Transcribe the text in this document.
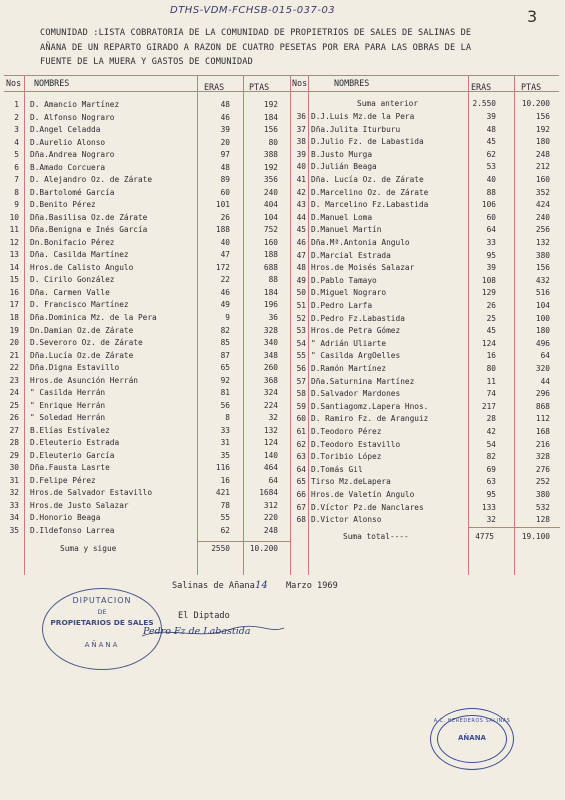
DTHS-VDM-FCHSB-015-037-03	3
COMUNIDAD :LISTA COBRATORIA DE LA COMUNIDAD DE PROPIETRIOS DE SALES DE SALINAS DE
AÑANA DE UN REPARTO GIRADO A RAZON DE CUATRO PESETAS POR ERA PARA LAS OBRAS DE LA
FUENTE DE LA MUERA Y GASTOS DE COMUNIDAD
Nos NOMBRES	ERAS	PTAS	Nos	NOMBRES	ERAS	PTAS
1 D. Amancio Martínez	48	192
2 D. Alfonso Nograro	46	184
3 D.Angel Celadda	39	156
4 D.Aurelio Alonso	20	80
5 Dña.Andrea Nograro	97	388
6 B.Amado Corcuera	48	192
7 D. Alejandro Oz. de Zárate	89	356
8 D.Bartolomé García	60	240
9 D.Benito Pérez	101	404
10 Dña.Basilisa Oz.de Zárate	26	104
11 Dña.Benigna e Inés García	188	752
12 Dn.Bonifacio Pérez	40	160
13 Dña. Casilda Martínez	47	188
14 Hros.de Calisto Angulo	172	688
15 D. Cirilo González	22	88
16 Dña. Carmen Valle	46	184
17 D. Francisco Martínez	49	196
18 Dña.Dominica Mz. de la Pera	9	36
19 Dn.Damian Oz.de Zárate	82	328
20 D.Severoro Oz. de Zárate	85	340
21 Dña.Lucía Oz.de Zárate	87	348
22 Dña.Digna Estavillo	65	260
23 Hros.de Asunción Herrán	92	368
24 " Casilda Herrán	81	324
25 " Enrique Herrán	56	224
26 " Soledad Herrán	8	32
27 B.Elías Estívalez	33	132
28 D.Eleuterio Estrada	31	124
29 D.Eleuterio García	35	140
30 Dña.Fausta Lasrte	116	464
31 D.Felipe Pérez	16	64
32 Hros.de Salvador Estavillo	421	1684
33 Hros.de Justo Salazar	78	312
34 D.Honorio Beaga	55	220
35 D.Ildefonso Larrea	62	248
36 D.J.Luis Mz.de la Pera	39	156
37 Dña.Julita Iturburu	48	192
38 D.Julio Fz. de Labastida	45	180
39 B.Justo Murga	62	248
40 D.Julián Beaga	53	212
41 Dña. Lucía Oz. de Zárate	40	160
42 D.Marcelino Oz. de Zárate	88	352
43 D. Marcelino Fz.Labastida	106	424
44 D.Manuel Loma	60	240
45 D.Manuel Martín	64	256
46 Dña.Mª.Antonia Angulo	33	132
47 D.Marcial Estrada	95	380
48 Hros.de Moisés Salazar	39	156
49 D.Pablo Tamayo	108	432
50 D.Miguel Nograro	129	516
51 D.Pedro Larfa	26	104
52 D.Pedro Fz.Labastida	25	100
53 Hros.de Petra Gómez	45	180
54 " Adrián Uliarte	124	496
55 " Casilda ArgOelles	16	64
56 D.Ramón Martínez	80	320
57 Dña.Saturnina Martínez	11	44
58 D.Salvador Mardones	74	296
59 D.Santiagomz.Lapera Hnos.	217	868
60 D. Ramiro Fz. de Aranguiz	28	112
61 D.Teodoro Pérez	42	168
62 D.Teodoro Estavillo	54	216
63 D.Toribio López	82	328
64 D.Tomás Gil	69	276
65 Tirso Mz.deLapera	63	252
66 Hros.de Valetín Angulo	95	380
67 D.Víctor Pz.de Nanclares	133	532
68 D.Victor Alonso	32	128
Suma y sigue	2550	10.200
Suma anterior	2.550	10.200
Suma total----	4775	19.100
Salinas de Añana 14 Marzo 1969
El Diptado
Pedro Fz de Labastida
DIPUTACION
DE
PROPIETARIOS DE SALES
AÑANA
A.C. HEREDEROS SALINAS
AÑANA
